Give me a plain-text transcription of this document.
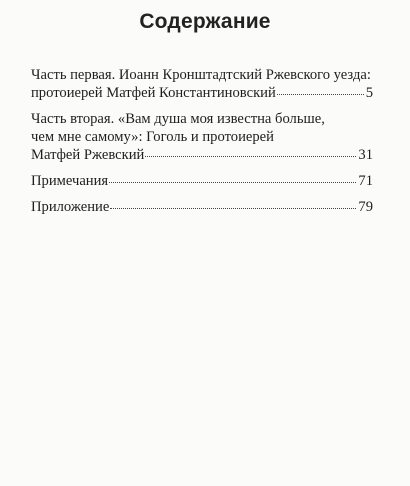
Содержание
Часть первая. Иоанн Кронштадтский Ржевского уезда:
протоиерей Матфей Константиновский	5
Часть вторая. «Вам душа моя известна больше,
чем мне самому»: Гоголь и протоиерей
Матфей Ржевский	31
Примечания	71
Приложение	79
